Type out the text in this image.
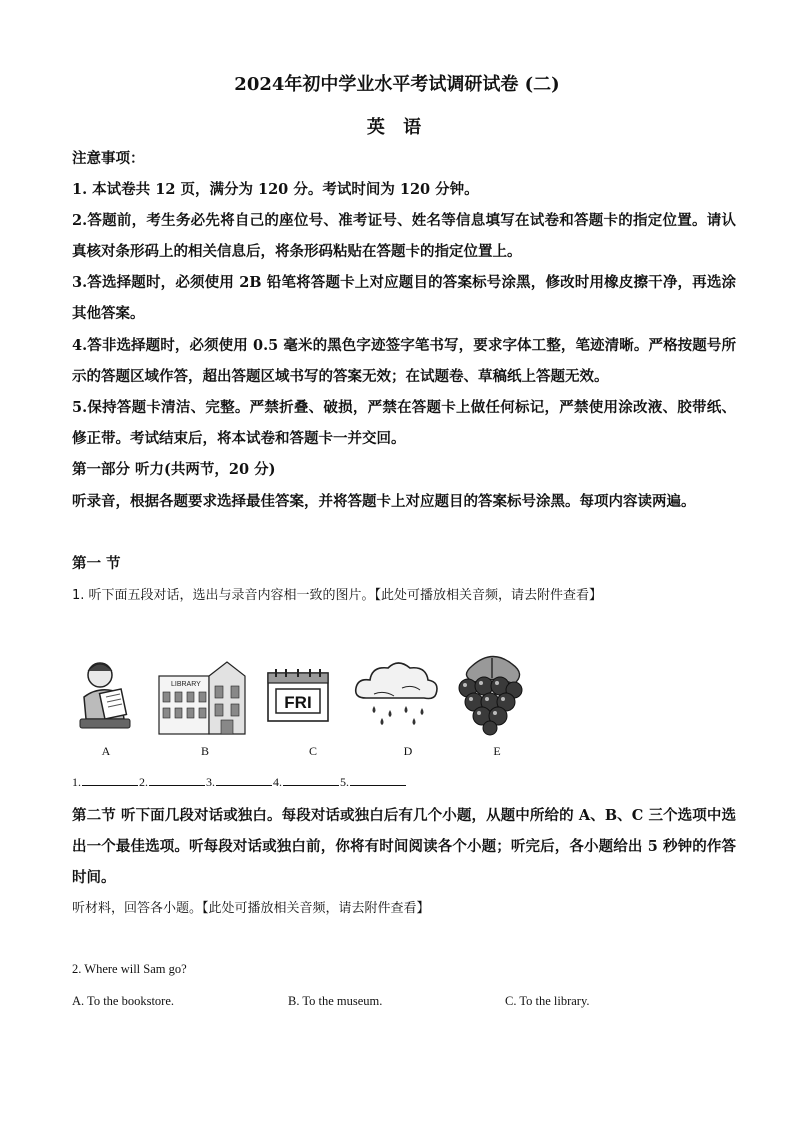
2024年初中学业水平考试调研试卷 (二)
英 语
注意事项：
1. 本试卷共 12 页，满分为 120 分。考试时间为 120 分钟。
2.答题前，考生务必先将自己的座位号、准考证号、姓名等信息填写在试卷和答题卡的指定位置。请认真核对条形码上的相关信息后，将条形码粘贴在答题卡的指定位置上。
3.答选择题时，必须使用 2B 铅笔将答题卡上对应题目的答案标号涂黑，修改时用橡皮擦干净，再选涂其他答案。
4.答非选择题时，必须使用 0.5 毫米的黑色字迹签字笔书写，要求字体工整，笔迹清晰。严格按题号所示的答题区域作答，超出答题区域书写的答案无效；在试题卷、草稿纸上答题无效。
5.保持答题卡清洁、完整。严禁折叠、破损，严禁在答题卡上做任何标记，严禁使用涂改液、胶带纸、修正带。考试结束后，将本试卷和答题卡一并交回。
第一部分 听力(共两节，20 分)
听录音，根据各题要求选择最佳答案，并将答题卡上对应题目的答案标号涂黑。每项内容读两遍。
第一 节
1. 听下面五段对话，选出与录音内容相一致的图片。【此处可播放相关音频，请去附件查看】
A
LIBRARY
B
FRI
C	D	E
1.	2.	3.	4.	5.
第二节 听下面几段对话或独白。每段对话或独白后有几个小题，从题中所给的 A、B、C 三个选项中选出一个最佳选项。听每段对话或独白前，你将有时间阅读各个小题；听完后，各小题给出 5 秒钟的作答时间。
听材料，回答各小题。【此处可播放相关音频，请去附件查看】
2. Where will Sam go?
A. To the bookstore.	B. To the museum.	C. To the library.
